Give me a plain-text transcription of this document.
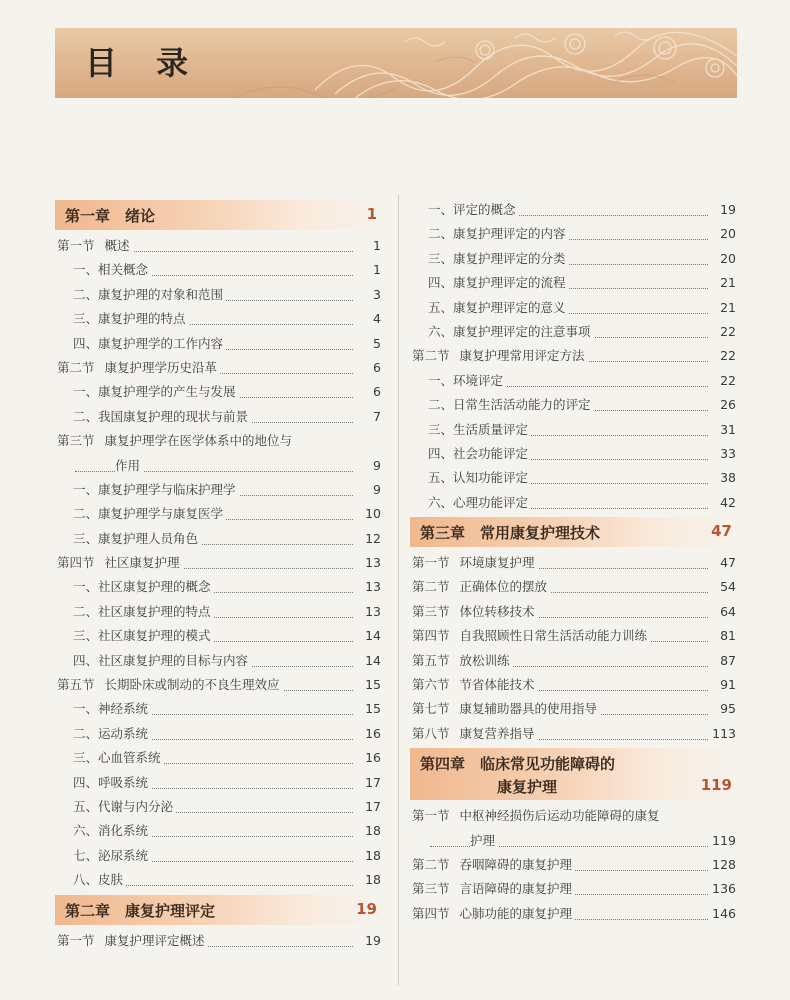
目 录
第一章　绪论	1
第一节 概述	1
一、相关概念	1
二、康复护理的对象和范围	3
三、康复护理的特点	4
四、康复护理学的工作内容	5
第二节 康复护理学历史沿革	6
一、康复护理学的产生与发展	6
二、我国康复护理的现状与前景	7
第三节 康复护理学在医学体系中的地位与
作用	9
一、康复护理学与临床护理学	9
二、康复护理学与康复医学	10
三、康复护理人员角色	12
第四节 社区康复护理	13
一、社区康复护理的概念	13
二、社区康复护理的特点	13
三、社区康复护理的模式	14
四、社区康复护理的目标与内容	14
第五节 长期卧床或制动的不良生理效应	15
一、神经系统	15
二、运动系统	16
三、心血管系统	16
四、呼吸系统	17
五、代谢与内分泌	17
六、消化系统	18
七、泌尿系统	18
八、皮肤	18
第二章　康复护理评定	19
第一节 康复护理评定概述	19
一、评定的概念	19
二、康复护理评定的内容	20
三、康复护理评定的分类	20
四、康复护理评定的流程	21
五、康复护理评定的意义	21
六、康复护理评定的注意事项	22
第二节 康复护理常用评定方法	22
一、环境评定	22
二、日常生活活动能力的评定	26
三、生活质量评定	31
四、社会功能评定	33
五、认知功能评定	38
六、心理功能评定	42
第三章　常用康复护理技术	47
第一节 环境康复护理	47
第二节 正确体位的摆放	54
第三节 体位转移技术	64
第四节 自我照顾性日常生活活动能力训练	81
第五节 放松训练	87
第六节 节省体能技术	91
第七节 康复辅助器具的使用指导	95
第八节 康复营养指导	113
第四章　临床常见功能障碍的
康复护理	119
第一节 中枢神经损伤后运动功能障碍的康复
护理	119
第二节 吞咽障碍的康复护理	128
第三节 言语障碍的康复护理	136
第四节 心肺功能的康复护理	146
